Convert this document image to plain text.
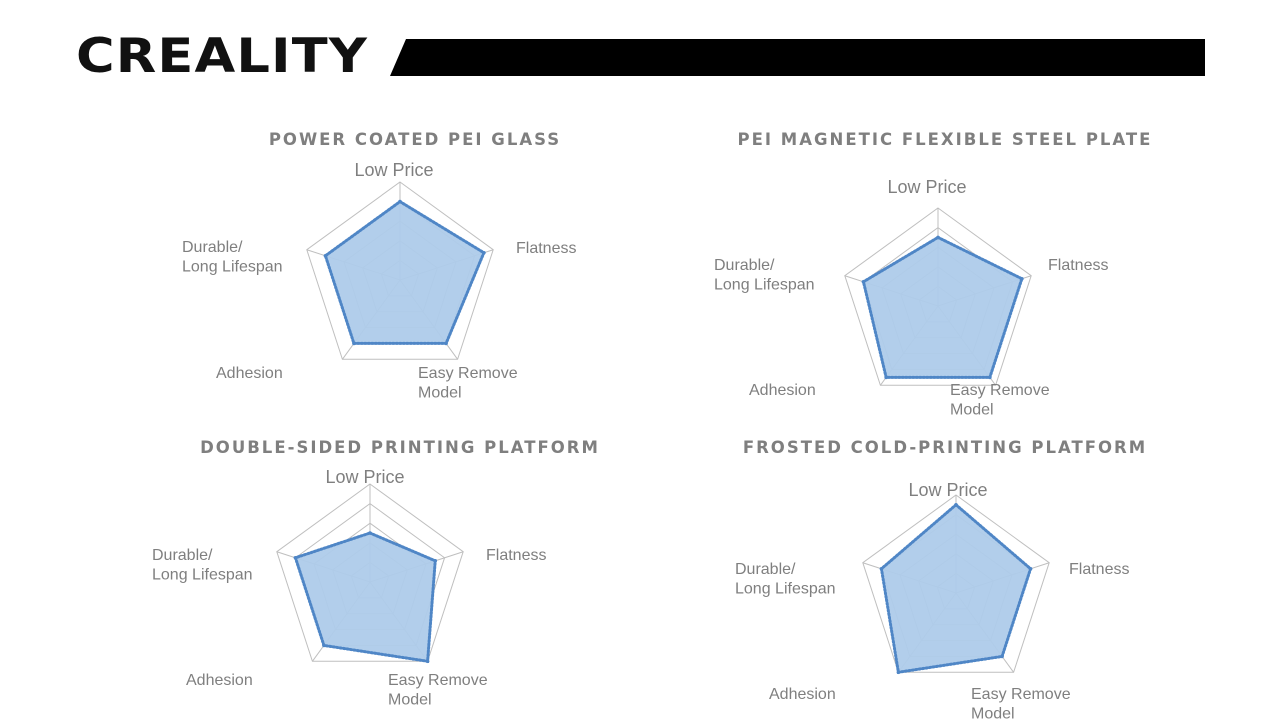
CREALITY
POWER COATED PEI GLASS
Low Price
Flatness
Easy Remove Model
Adhesion
Durable/ Long Lifespan
PEI MAGNETIC FLEXIBLE STEEL PLATE
Low Price
Flatness
Easy Remove Model
Adhesion
Durable/ Long Lifespan
DOUBLE-SIDED PRINTING PLATFORM
Low Price
Flatness
Easy Remove Model
Adhesion
Durable/ Long Lifespan
FROSTED COLD-PRINTING PLATFORM
Low Price
Flatness
Easy Remove Model
Adhesion
Durable/ Long Lifespan
